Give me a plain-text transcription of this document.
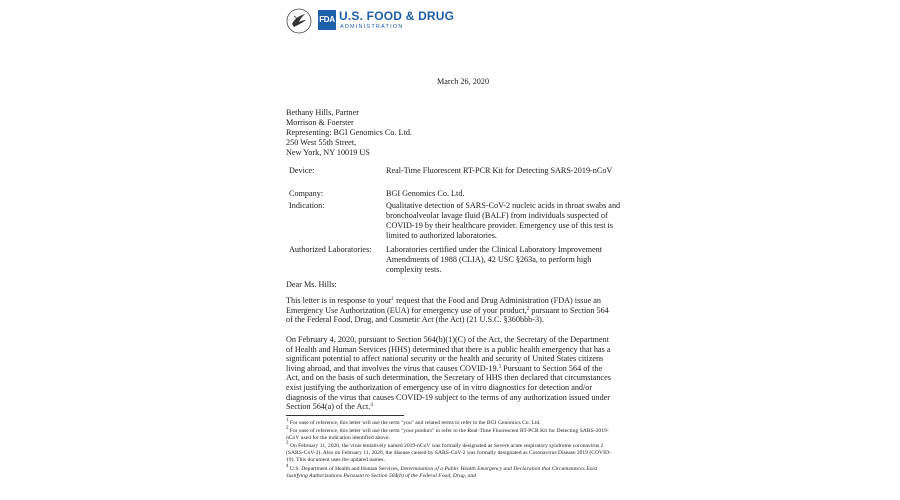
FDA U.S. FOOD & DRUG
ADMINISTRATION
March 26, 2020
Bethany Hills, Partner
Morrison & Foerster
Representing: BGI Genomics Co. Ltd.
250 West 55th Street,
New York, NY 10019 US
Device:	Real-Time Fluorescent RT-PCR Kit for Detecting SARS-2019-nCoV
Company:	BGI Genomics Co. Ltd.
Indication:	Qualitative detection of SARS-CoV-2 nucleic acids in throat swabs and bronchoalveolar lavage fluid (BALF) from individuals suspected of COVID-19 by their healthcare provider. Emergency use of this test is limited to authorized laboratories.
Authorized Laboratories: Laboratories certified under the Clinical Laboratory Improvement Amendments of 1988 (CLIA), 42 USC §263a, to perform high complexity tests.
Dear Ms. Hills:
This letter is in response to your$^1$ request that the Food and Drug Administration (FDA) issue an Emergency Use Authorization (EUA) for emergency use of your product,$^2$ pursuant to Section 564 of the Federal Food, Drug, and Cosmetic Act (the Act) (21 U.S.C. §360bbb-3).
On February 4, 2020, pursuant to Section 564(b)(1)(C) of the Act, the Secretary of the Department of Health and Human Services (HHS) determined that there is a public health emergency that has a significant potential to affect national security or the health and security of United States citizens living abroad, and that involves the virus that causes COVID-19.$^3$ Pursuant to Section 564 of the Act, and on the basis of such determination, the Secretary of HHS then declared that circumstances exist justifying the authorization of emergency use of in vitro diagnostics for detection and/or diagnosis of the virus that causes COVID-19 subject to the terms of any authorization issued under Section 564(a) of the Act.$^4$
$^1$ For ease of reference, this letter will use the term "you" and related terms to refer to the BGI Genomics Co. Ltd.
$^2$ For ease of reference, this letter will use the term "your product" to refer to the Real-Time Fluorescent RT-PCR Kit for Detecting SARS-2019-nCoV used for the indication identified above.
$^3$ On February 11, 2020, the virus tentatively named 2019-nCoV was formally designated as Severe acute respiratory syndrome coronavirus 2 (SARS-CoV-2). Also on February 11, 2020, the disease caused by SARS-CoV-2 was formally designated as Coronavirus Disease 2019 (COVID-19). This document uses the updated names.
$^4$ U.S. Department of Health and Human Services, Determination of a Public Health Emergency and Declaration that Circumstances Exist Justifying Authorizations Pursuant to Section 564(b) of the Federal Food, Drug, and
